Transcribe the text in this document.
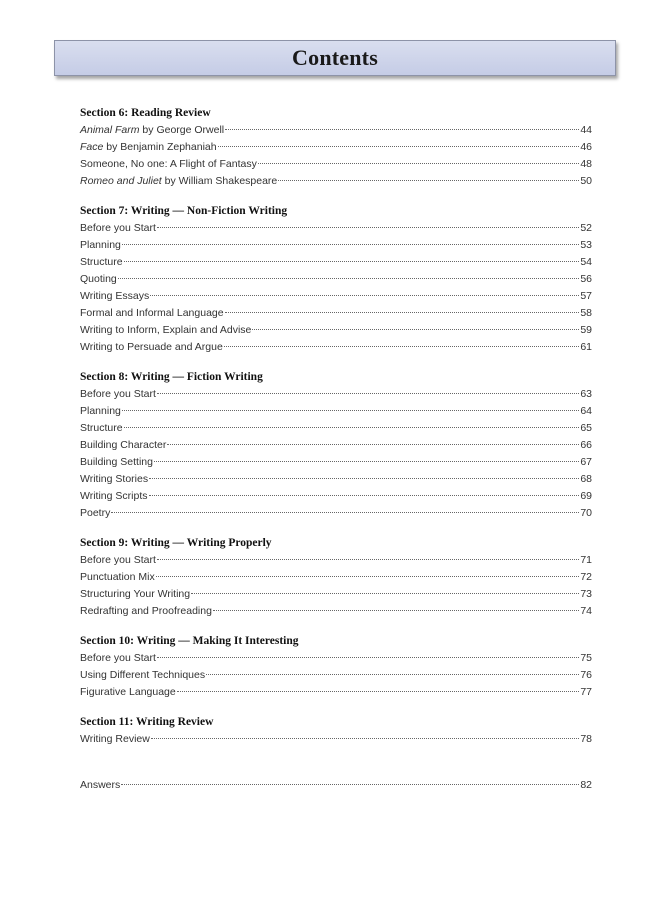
Contents
Section 6: Reading Review
Animal Farm by George Orwell	44
Face by Benjamin Zephaniah	46
Someone, No one: A Flight of Fantasy	48
Romeo and Juliet by William Shakespeare	50
Section 7: Writing — Non-Fiction Writing
Before you Start	52
Planning	53
Structure	54
Quoting	56
Writing Essays	57
Formal and Informal Language	58
Writing to Inform, Explain and Advise	59
Writing to Persuade and Argue	61
Section 8: Writing — Fiction Writing
Before you Start	63
Planning	64
Structure	65
Building Character	66
Building Setting	67
Writing Stories	68
Writing Scripts	69
Poetry	70
Section 9: Writing — Writing Properly
Before you Start	71
Punctuation Mix	72
Structuring Your Writing	73
Redrafting and Proofreading	74
Section 10: Writing — Making It Interesting
Before you Start	75
Using Different Techniques	76
Figurative Language	77
Section 11: Writing Review
Writing Review	78
Answers	82
